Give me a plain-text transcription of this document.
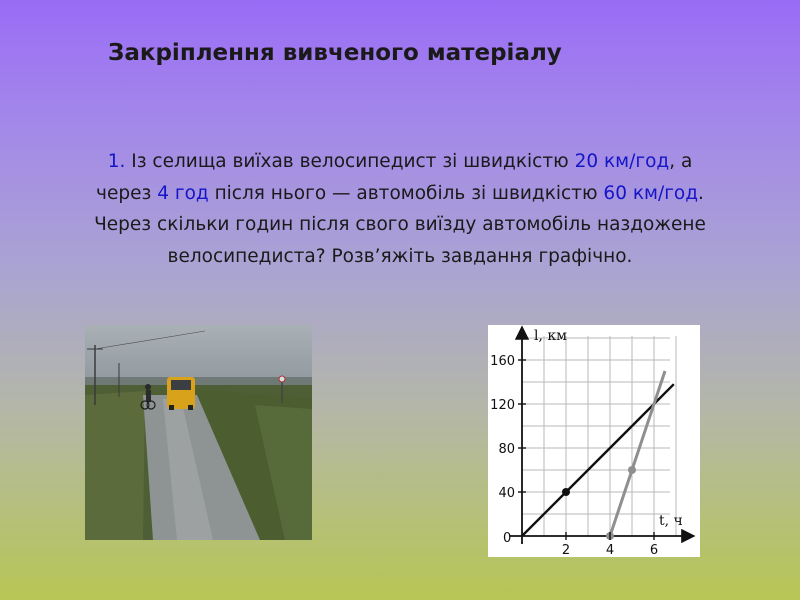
Закріплення вивченого матеріалу
1. Із селища виїхав велосипедист зі швидкістю 20 км/год, а
через 4 год після нього — автомобіль зі швидкістю 60 км/год.
Через скільки годин після свого виїзду автомобіль наздожене
велосипедиста? Розв’яжіть завдання графічно.
40
80
120
160
2	4	6
l, км
t, ч
0
